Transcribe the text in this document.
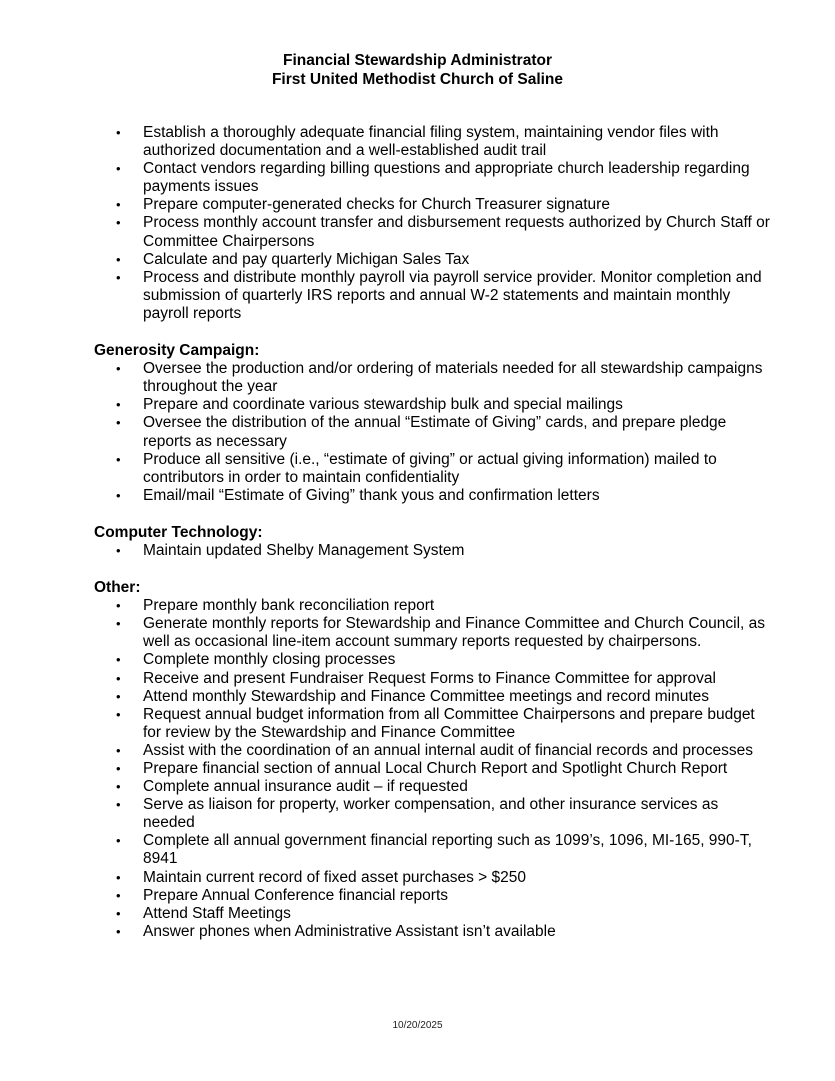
Financial Stewardship Administrator
First United Methodist Church of Saline
• Establish a thoroughly adequate financial filing system, maintaining vendor files with authorized documentation and a well-established audit trail
• Contact vendors regarding billing questions and appropriate church leadership regarding payments issues
• Prepare computer-generated checks for Church Treasurer signature
• Process monthly account transfer and disbursement requests authorized by Church Staff or Committee Chairpersons
• Calculate and pay quarterly Michigan Sales Tax
• Process and distribute monthly payroll via payroll service provider. Monitor completion and submission of quarterly IRS reports and annual W-2 statements and maintain monthly payroll reports
Generosity Campaign:
• Oversee the production and/or ordering of materials needed for all stewardship campaigns throughout the year
• Prepare and coordinate various stewardship bulk and special mailings
• Oversee the distribution of the annual “Estimate of Giving” cards, and prepare pledge reports as necessary
• Produce all sensitive (i.e., “estimate of giving” or actual giving information) mailed to contributors in order to maintain confidentiality
• Email/mail “Estimate of Giving” thank yous and confirmation letters
Computer Technology:
• Maintain updated Shelby Management System
Other:
• Prepare monthly bank reconciliation report
• Generate monthly reports for Stewardship and Finance Committee and Church Council, as well as occasional line-item account summary reports requested by chairpersons.
• Complete monthly closing processes
• Receive and present Fundraiser Request Forms to Finance Committee for approval
• Attend monthly Stewardship and Finance Committee meetings and record minutes
• Request annual budget information from all Committee Chairpersons and prepare budget for review by the Stewardship and Finance Committee
• Assist with the coordination of an annual internal audit of financial records and processes
• Prepare financial section of annual Local Church Report and Spotlight Church Report
• Complete annual insurance audit – if requested
• Serve as liaison for property, worker compensation, and other insurance services as needed
• Complete all annual government financial reporting such as 1099’s, 1096, MI-165, 990-T, 8941
• Maintain current record of fixed asset purchases > $250
• Prepare Annual Conference financial reports
• Attend Staff Meetings
• Answer phones when Administrative Assistant isn’t available
10/20/2025
